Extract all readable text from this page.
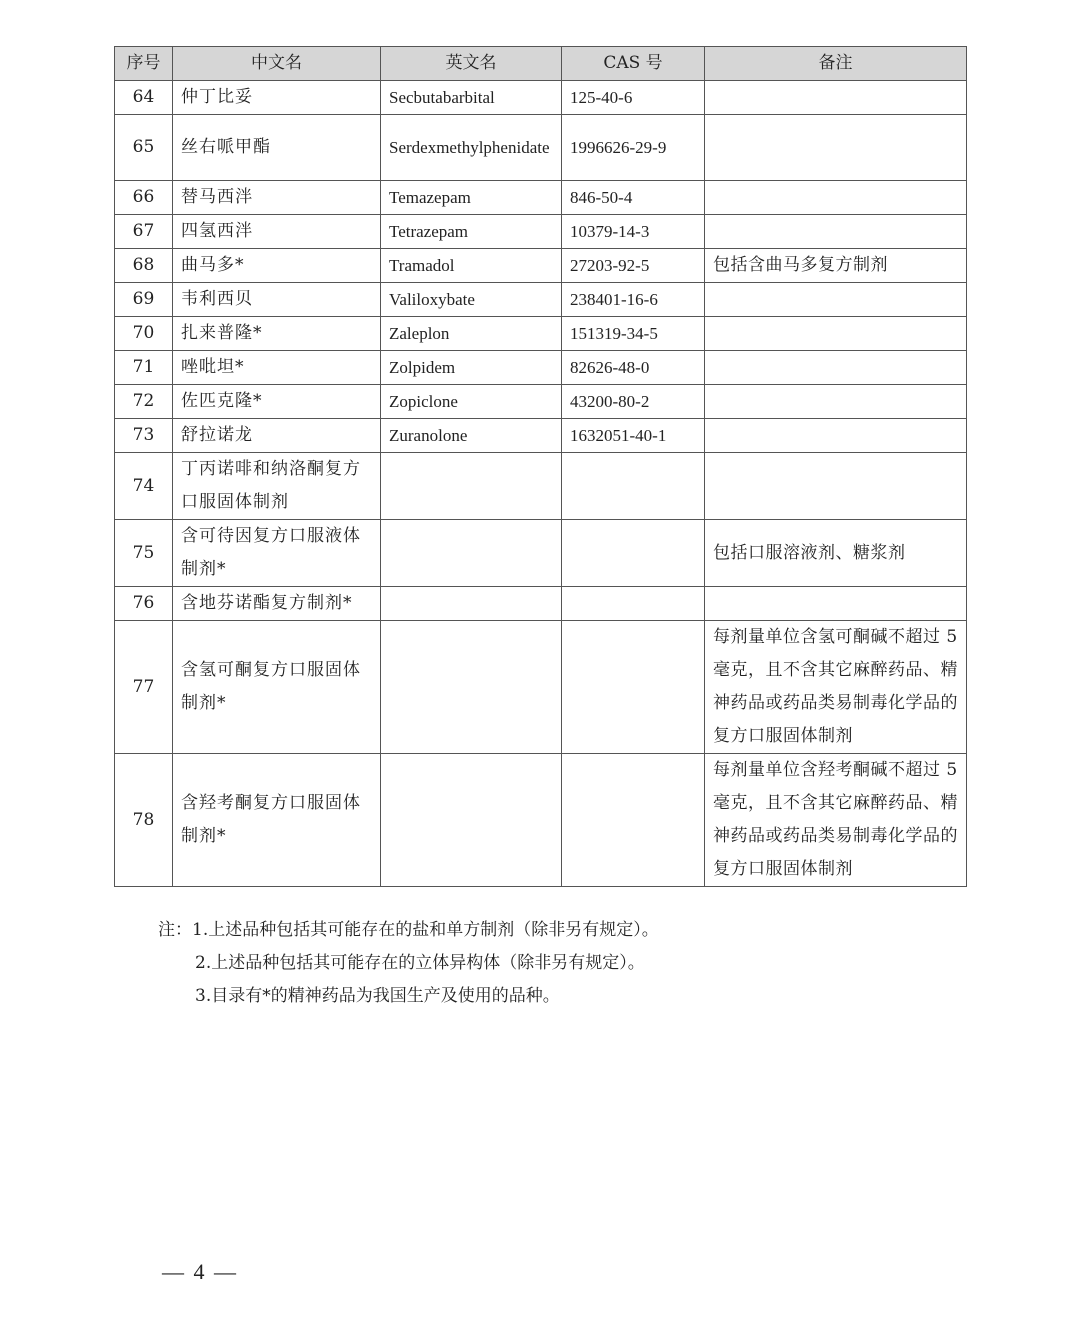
序号	中文名	英文名	CAS 号	备注
64	仲丁比妥	Secbutabarbital	125-40-6	
65	丝右哌甲酯	Serdexmethylphenidate	1996626-29-9	
66	替马西泮	Temazepam	846-50-4	
67	四氢西泮	Tetrazepam	10379-14-3	
68	曲马多*	Tramadol	27203-92-5	包括含曲马多复方制剂
69	韦利西贝	Valiloxybate	238401-16-6	
70	扎来普隆*	Zaleplon	151319-34-5	
71	唑吡坦*	Zolpidem	82626-48-0	
72	佐匹克隆*	Zopiclone	43200-80-2	
73	舒拉诺龙	Zuranolone	1632051-40-1	
74	丁丙诺啡和纳洛酮复方口服固体制剂			
75	含可待因复方口服液体制剂*			包括口服溶液剂、糖浆剂
76	含地芬诺酯复方制剂*			
77	含氢可酮复方口服固体制剂*			每剂量单位含氢可酮碱不超过 5 毫克，且不含其它麻醉药品、精神药品或药品类易制毒化学品的复方口服固体制剂
78	含羟考酮复方口服固体制剂*			每剂量单位含羟考酮碱不超过 5 毫克，且不含其它麻醉药品、精神药品或药品类易制毒化学品的复方口服固体制剂
注：1.上述品种包括其可能存在的盐和单方制剂（除非另有规定）。
2.上述品种包括其可能存在的立体异构体（除非另有规定）。
3.目录有*的精神药品为我国生产及使用的品种。
— 4 —
